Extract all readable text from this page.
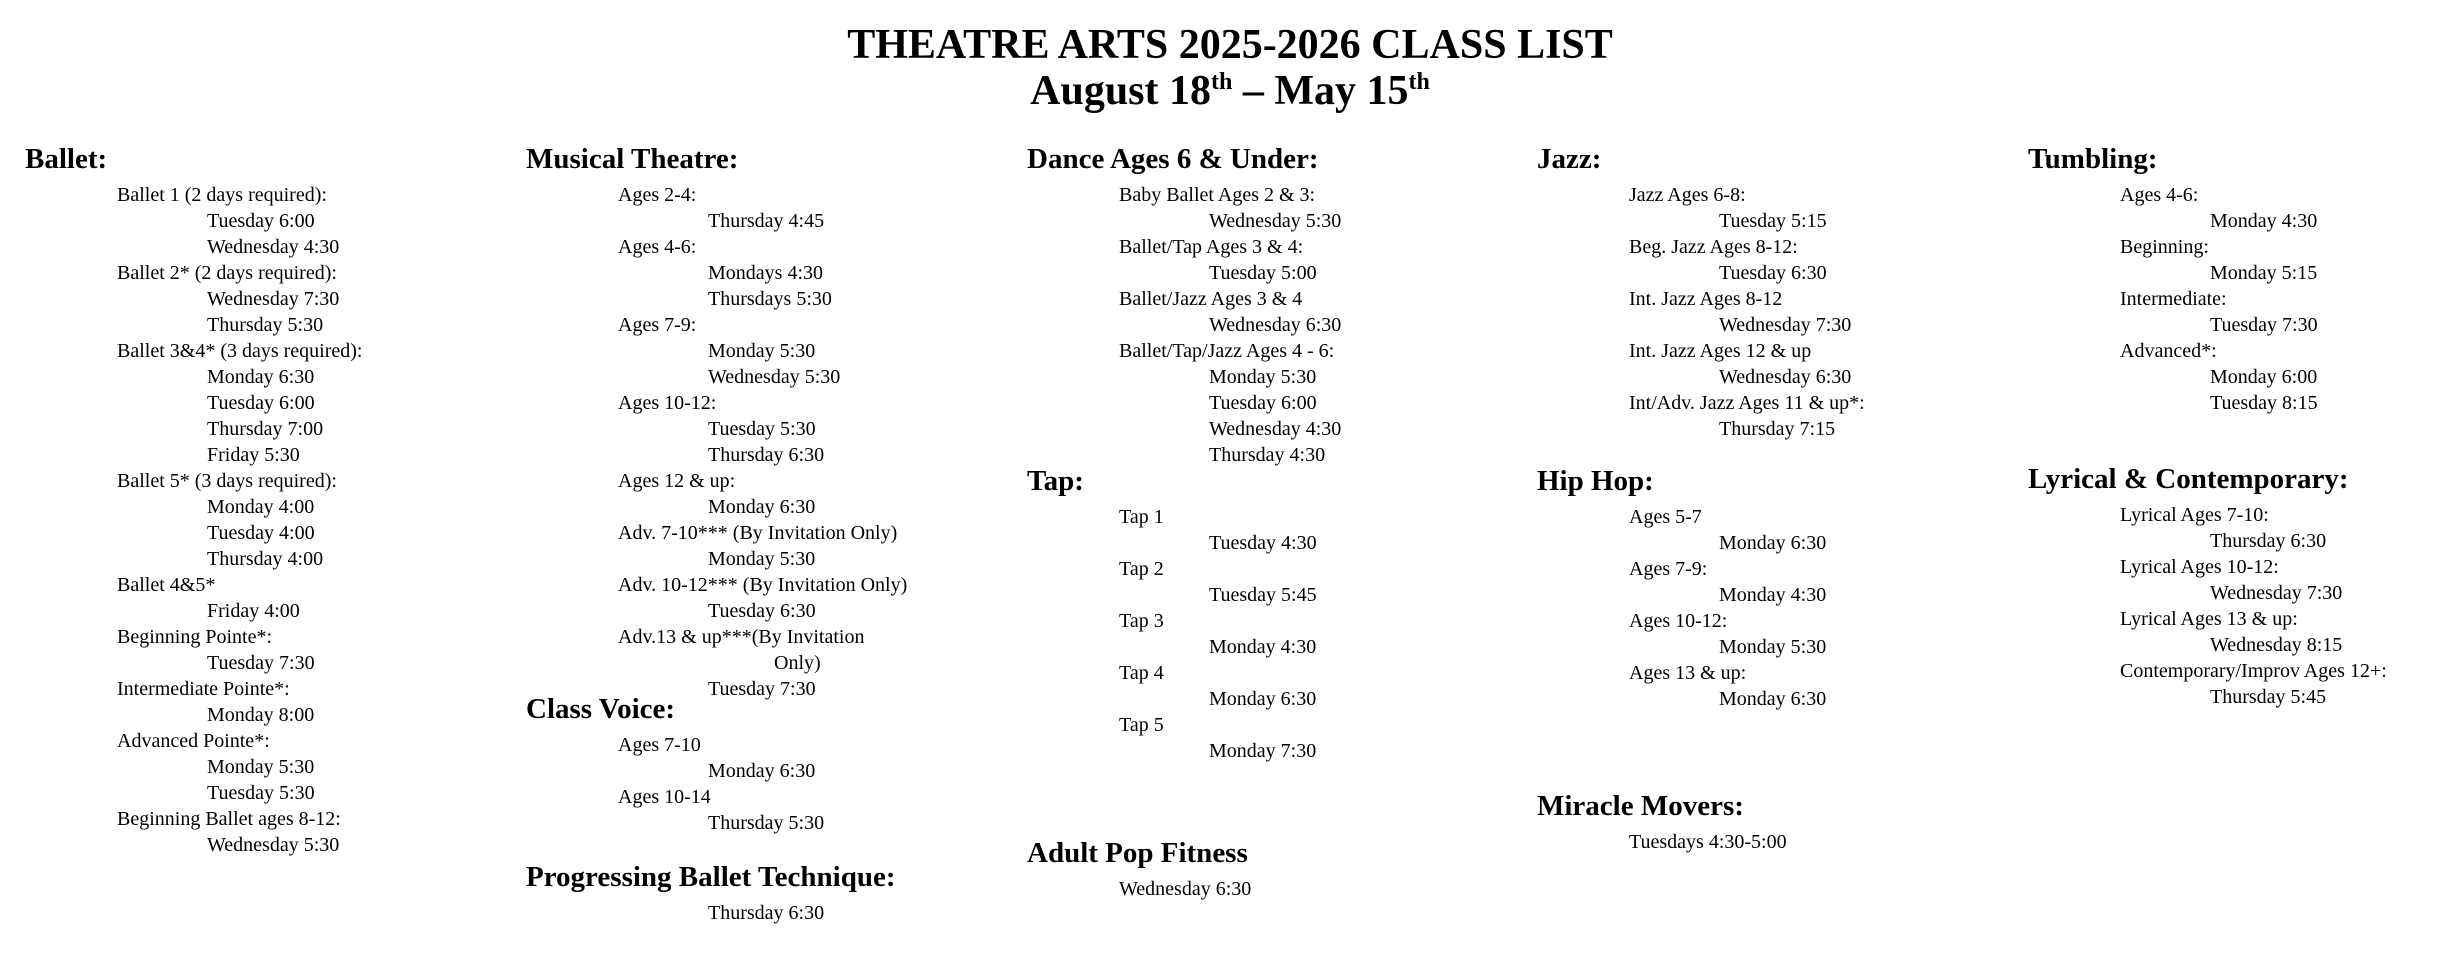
THEATRE ARTS 2025-2026 CLASS LIST
August 18th – May 15th
Ballet:
Ballet 1 (2 days required):
Tuesday 6:00
Wednesday 4:30
Ballet 2* (2 days required):
Wednesday 7:30
Thursday 5:30
Ballet 3&4* (3 days required):
Monday 6:30
Tuesday 6:00
Thursday 7:00
Friday 5:30
Ballet 5* (3 days required):
Monday 4:00
Tuesday 4:00
Thursday 4:00
Ballet 4&5*
Friday 4:00
Beginning Pointe*:
Tuesday 7:30
Intermediate Pointe*:
Monday 8:00
Advanced Pointe*:
Monday 5:30
Tuesday 5:30
Beginning Ballet ages 8-12:
Wednesday 5:30
Musical Theatre:
Ages 2-4:
Thursday 4:45
Ages 4-6:
Mondays 4:30
Thursdays 5:30
Ages 7-9:
Monday 5:30
Wednesday 5:30
Ages 10-12:
Tuesday 5:30
Thursday 6:30
Ages 12 & up:
Monday 6:30
Adv. 7-10*** (By Invitation Only)
Monday 5:30
Adv. 10-12*** (By Invitation Only)
Tuesday 6:30
Adv.13 & up***(By Invitation
Only)
Tuesday 7:30
Class Voice:
Ages 7-10
Monday 6:30
Ages 10-14
Thursday 5:30
Progressing Ballet Technique:
Thursday 6:30
Dance Ages 6 & Under:
Baby Ballet Ages 2 & 3:
Wednesday 5:30
Ballet/Tap Ages 3 & 4:
Tuesday 5:00
Ballet/Jazz Ages 3 & 4
Wednesday 6:30
Ballet/Tap/Jazz Ages 4 - 6:
Monday 5:30
Tuesday 6:00
Wednesday 4:30
Thursday 4:30
Tap:
Tap 1
Tuesday 4:30
Tap 2
Tuesday 5:45
Tap 3
Monday 4:30
Tap 4
Monday 6:30
Tap 5
Monday 7:30
Adult Pop Fitness
Wednesday 6:30
Jazz:
Jazz Ages 6-8:
Tuesday 5:15
Beg. Jazz Ages 8-12:
Tuesday 6:30
Int. Jazz Ages 8-12
Wednesday 7:30
Int. Jazz Ages 12 & up
Wednesday 6:30
Int/Adv. Jazz Ages 11 & up*:
Thursday 7:15
Hip Hop:
Ages 5-7
Monday 6:30
Ages 7-9:
Monday 4:30
Ages 10-12:
Monday 5:30
Ages 13 & up:
Monday 6:30
Miracle Movers:
Tuesdays 4:30-5:00
Tumbling:
Ages 4-6:
Monday 4:30
Beginning:
Monday 5:15
Intermediate:
Tuesday 7:30
Advanced*:
Monday 6:00
Tuesday 8:15
Lyrical & Contemporary:
Lyrical Ages 7-10:
Thursday 6:30
Lyrical Ages 10-12:
Wednesday 7:30
Lyrical Ages 13 & up:
Wednesday 8:15
Contemporary/Improv Ages 12+:
Thursday 5:45
